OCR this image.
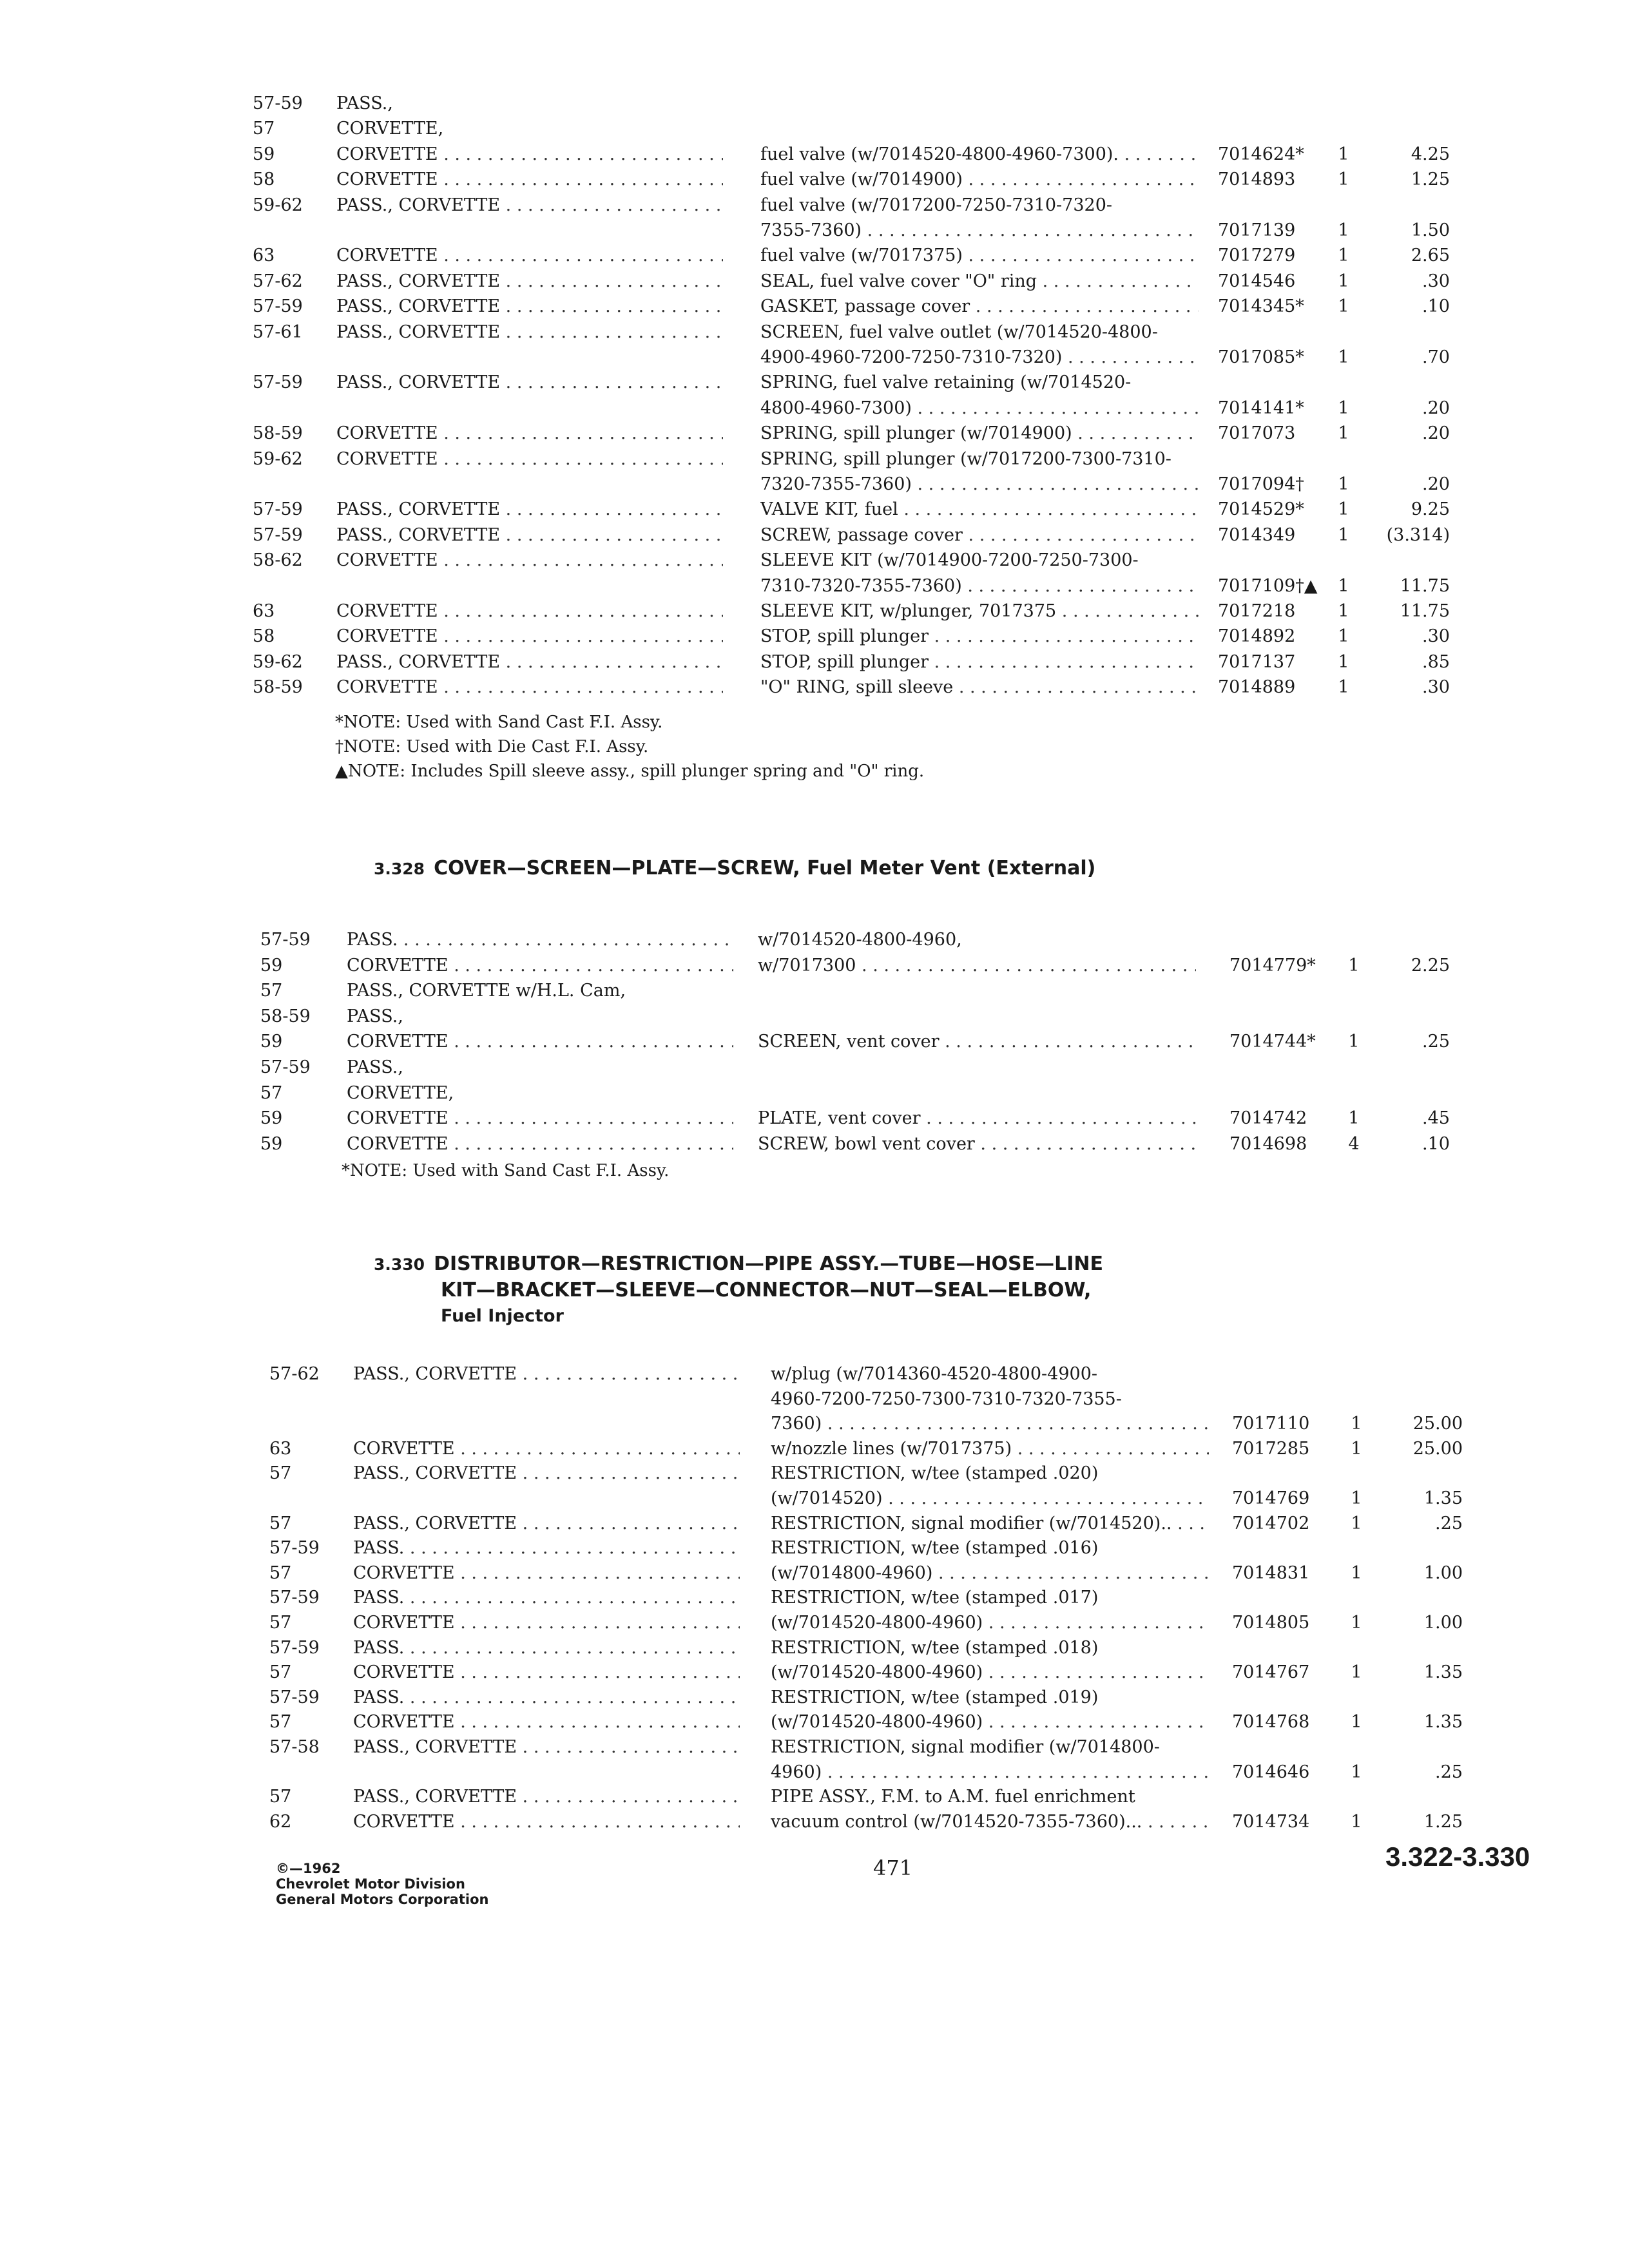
57-59	PASS.,
57	CORVETTE,
59	CORVETTE . . .	fuel valve (w/7014520-4800-4960-7300). . . .	7014624*	1	4.25
58	CORVETTE . . .	fuel valve (w/7014900) . . .	7014893	1	1.25
59-62	PASS., CORVETTE . . .	fuel valve (w/7017200-7250-7310-7320-
7355-7360) . . .	7017139	1	1.50
63	CORVETTE . . .	fuel valve (w/7017375) . . .	7017279	1	2.65
57-62	PASS., CORVETTE . . .	SEAL, fuel valve cover "O" ring . . .	7014546	1	.30
57-59	PASS., CORVETTE . . .	GASKET, passage cover . . .	7014345*	1	.10
57-61	PASS., CORVETTE . . .	SCREEN, fuel valve outlet (w/7014520-4800-
4900-4960-7200-7250-7310-7320) . . .	7017085*	1	.70
57-59	PASS., CORVETTE . . .	SPRING, fuel valve retaining (w/7014520-
4800-4960-7300) . . .	7014141*	1	.20
58-59	CORVETTE . . .	SPRING, spill plunger (w/7014900) . . .	7017073	1	.20
59-62	CORVETTE . . .	SPRING, spill plunger (w/7017200-7300-7310-
7320-7355-7360) . . .	7017094†	1	.20
57-59	PASS., CORVETTE . . .	VALVE KIT, fuel . . .	7014529*	1	9.25
57-59	PASS., CORVETTE . . .	SCREW, passage cover . . .	7014349	1	(3.314)
58-62	CORVETTE . . .	SLEEVE KIT (w/7014900-7200-7250-7300-
7310-7320-7355-7360) . . .	7017109†▲	1	11.75
63	CORVETTE . . .	SLEEVE KIT, w/plunger, 7017375 . . .	7017218	1	11.75
58	CORVETTE . . .	STOP, spill plunger . . .	7014892	1	.30
59-62	PASS., CORVETTE . . .	STOP, spill plunger . . .	7017137	1	.85
58-59	CORVETTE . . .	"O" RING, spill sleeve . . .	7014889	1	.30
*NOTE: Used with Sand Cast F.I. Assy.
†NOTE: Used with Die Cast F.I. Assy.
▲NOTE: Includes Spill sleeve assy., spill plunger spring and "O" ring.
3.328 COVER—SCREEN—PLATE—SCREW, Fuel Meter Vent (External)
57-59	PASS. . . .	w/7014520-4800-4960,
59	CORVETTE . . .	w/7017300 . . .	7014779*	1	2.25
57	PASS., CORVETTE w/H.L. Cam,
58-59	PASS.,
59	CORVETTE . . .	SCREEN, vent cover . . .	7014744*	1	.25
57-59	PASS.,
57	CORVETTE,
59	CORVETTE . . .	PLATE, vent cover . . .	7014742	1	.45
59	CORVETTE . . .	SCREW, bowl vent cover . . .	7014698	4	.10
*NOTE: Used with Sand Cast F.I. Assy.
3.330 DISTRIBUTOR—RESTRICTION—PIPE ASSY.—TUBE—HOSE—LINE
KIT—BRACKET—SLEEVE—CONNECTOR—NUT—SEAL—ELBOW,
Fuel Injector
57-62	PASS., CORVETTE . . .	w/plug (w/7014360-4520-4800-4900-
4960-7200-7250-7300-7310-7320-7355-
7360) . . .	7017110	1	25.00
63	CORVETTE . . .	w/nozzle lines (w/7017375) . . .	7017285	1	25.00
57	PASS., CORVETTE . . .	RESTRICTION, w/tee (stamped .020)
(w/7014520) . . .	7014769	1	1.35
57	PASS., CORVETTE . . .	RESTRICTION, signal modifier (w/7014520).. . . .	7014702	1	.25
57-59	PASS. . . .	RESTRICTION, w/tee (stamped .016)
57	CORVETTE . . .	(w/7014800-4960) . . .	7014831	1	1.00
57-59	PASS. . . .	RESTRICTION, w/tee (stamped .017)
57	CORVETTE . . .	(w/7014520-4800-4960) . . .	7014805	1	1.00
57-59	PASS. . . .	RESTRICTION, w/tee (stamped .018)
57	CORVETTE . . .	(w/7014520-4800-4960) . . .	7014767	1	1.35
57-59	PASS. . . .	RESTRICTION, w/tee (stamped .019)
57	CORVETTE . . .	(w/7014520-4800-4960) . . .	7014768	1	1.35
57-58	PASS., CORVETTE . . .	RESTRICTION, signal modifier (w/7014800-
4960) . . .	7014646	1	.25
57	PASS., CORVETTE . . .	PIPE ASSY., F.M. to A.M. fuel enrichment
62	CORVETTE . . .	vacuum control (w/7014520-7355-7360)... . . .	7014734	1	1.25
©—1962
Chevrolet Motor Division
General Motors Corporation
471	3.322-3.330
